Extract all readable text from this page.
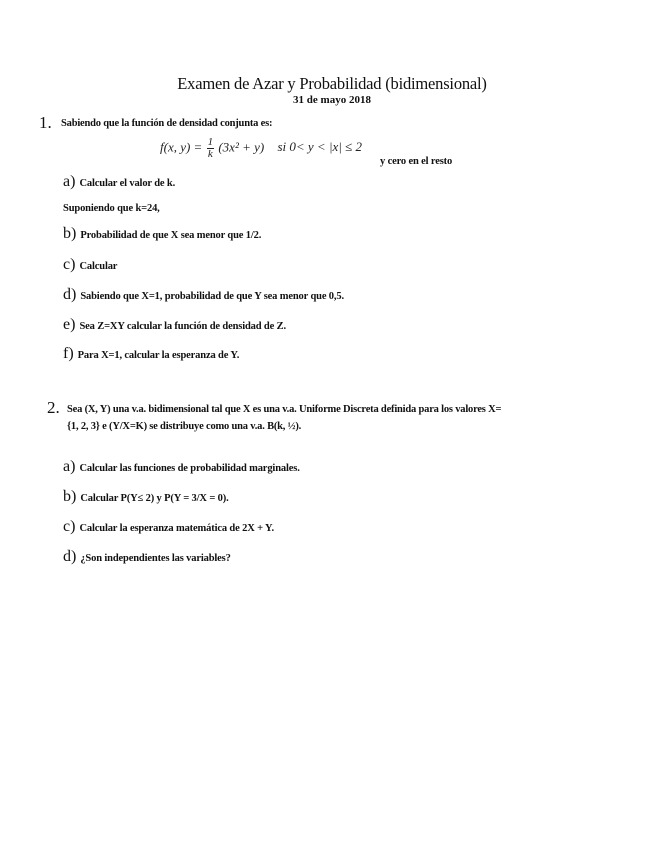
Examen de Azar y Probabilidad (bidimensional)
31 de mayo 2018
1. Sabiendo que la función de densidad conjunta es:
f(x, $y) = \frac{1}{k} (3x^2 + y)$ si 0< y < |x| ≤ 2
y cero en el resto
a) Calcular el valor de k.
Suponiendo que k=24,
b) Probabilidad de que X sea menor que 1/2.
c) Calcular
d) Sabiendo que X=1, probabilidad de que Y sea menor que 0,5.
e) Sea Z=XY calcular la función de densidad de Z.
f) Para X=1, calcular la esperanza de Y.
2. Sea (X, Y) una v.a. bidimensional tal que X es una v.a. Uniforme Discreta definida para los valores X=
{1, 2, 3} e (Y/X=K) se distribuye como una v.a. B(k, ½).
a) Calcular las funciones de probabilidad marginales.
b) Calcular P(Y≤ 2) y P(Y = 3/X = 0).
c) Calcular la esperanza matemática de 2X + Y.
d) ¿Son independientes las variables?
